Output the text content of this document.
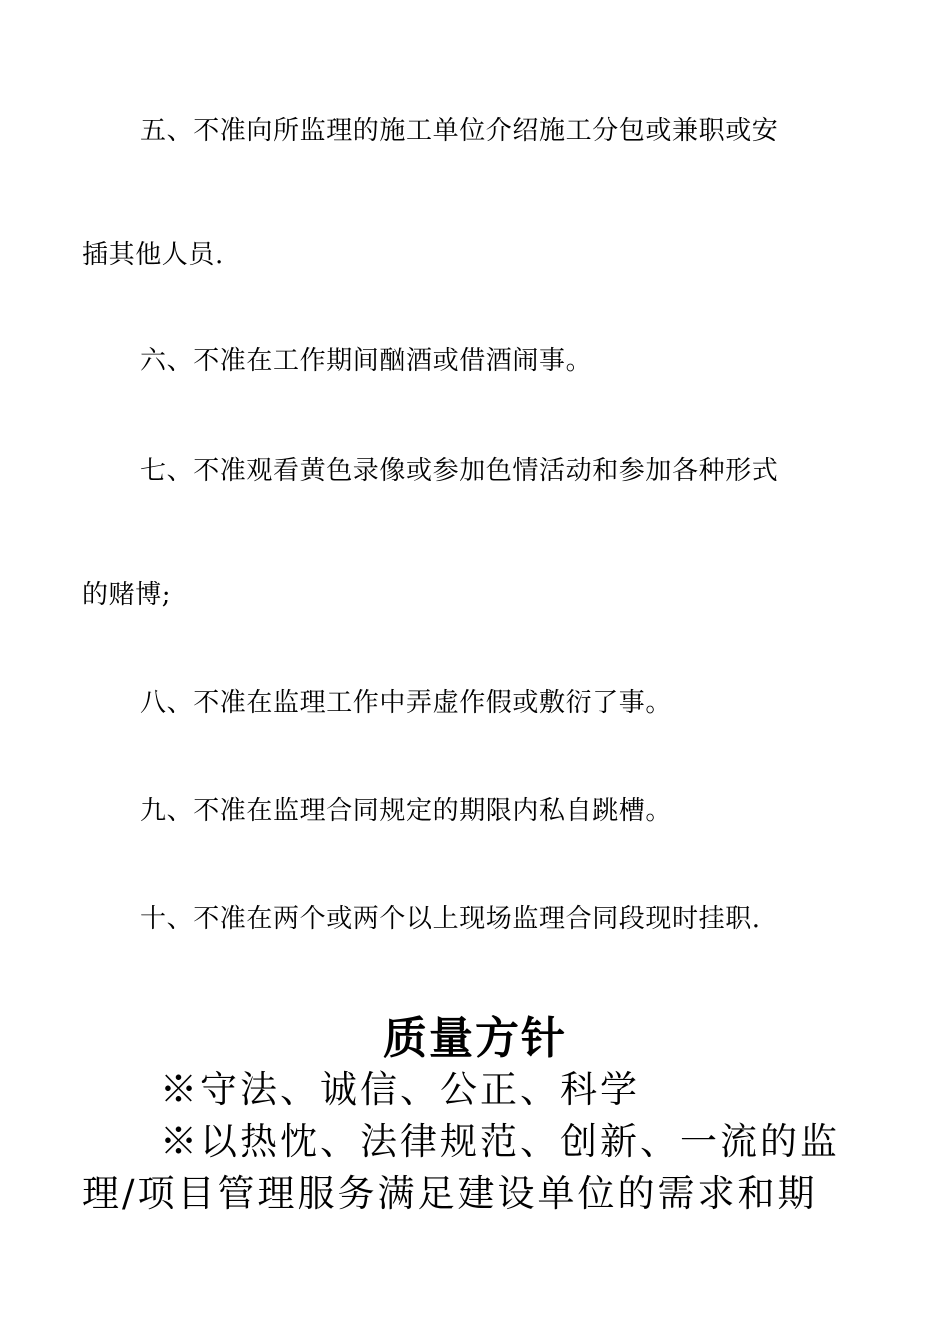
五、不准向所监理的施工单位介绍施工分包或兼职或安
插其他人员.
六、不准在工作期间酗酒或借酒闹事。
七、不准观看黄色录像或参加色情活动和参加各种形式
的赌博;
八、不准在监理工作中弄虚作假或敷衍了事。
九、不准在监理合同规定的期限内私自跳槽。
十、不准在两个或两个以上现场监理合同段现时挂职.
质量方针
※守法、诚信、公正、科学
※以热忱、法律规范、创新、一流的监
理/项目管理服务满足建设单位的需求和期
